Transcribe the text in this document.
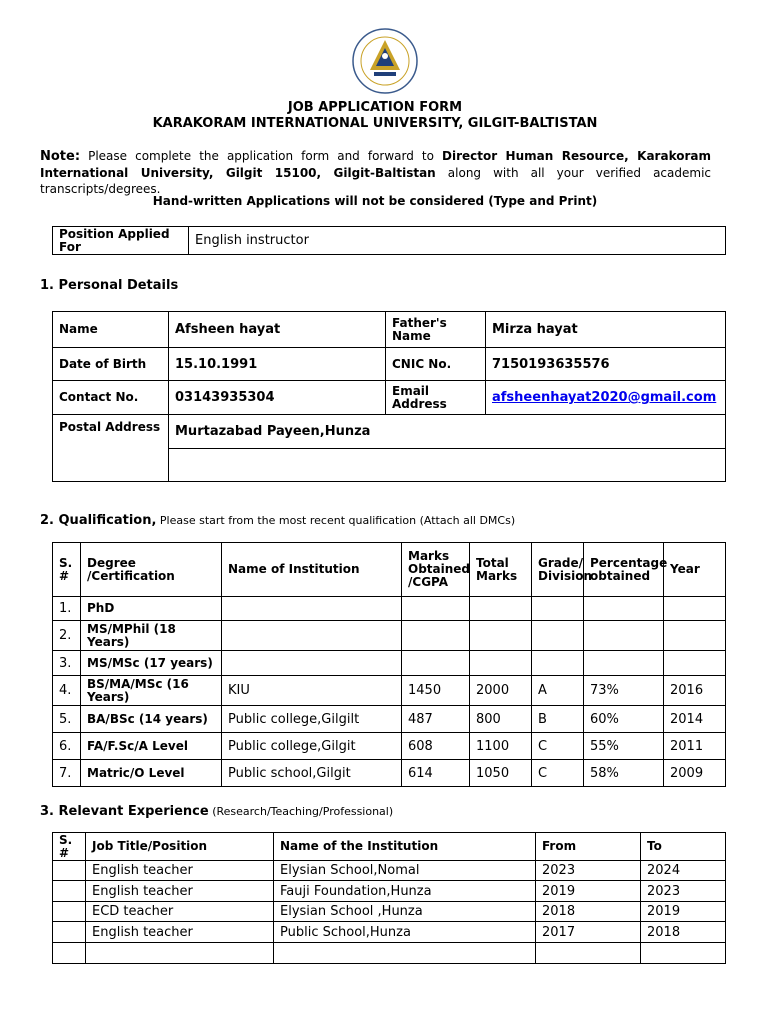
JOB APPLICATION FORM
KARAKORAM INTERNATIONAL UNIVERSITY, GILGIT-BALTISTAN
Note: Please complete the application form and forward to Director Human Resource, Karakoram International University, Gilgit 15100, Gilgit-Baltistan along with all your verified academic transcripts/degrees.
Hand-written Applications will not be considered (Type and Print)
Position Applied For	English instructor
1. Personal Details
Name	Afsheen hayat	Father's Name	Mirza hayat
Date of Birth	15.10.1991	CNIC No.	7150193635576
Contact No.	03143935304	Email Address	afsheenhayat2020@gmail.com
Postal Address	Murtazabad Payeen,Hunza		

2. Qualification, Please start from the most recent qualification (Attach all DMCs)
S. #	Degree /Certification	Name of Institution	Marks Obtained /CGPA	Total Marks	Grade/ Division	Percentage obtained	Year
1.	PhD						
2.	MS/MPhil (18 Years)						
3.	MS/MSc (17 years)						
4.	BS/MA/MSc (16 Years)	KIU	1450	2000	A	73%	2016
5.	BA/BSc (14 years)	Public college,Gilgilt	487	800	B	60%	2014
6.	FA/F.Sc/A Level	Public college,Gilgit	608	1100	C	55%	2011
7.	Matric/O Level	Public school,Gilgit	614	1050	C	58%	2009
3. Relevant Experience (Research/Teaching/Professional)
S. #	Job Title/Position	Name of the Institution	From	To
	English teacher	Elysian School,Nomal	2023	2024
	English teacher	Fauji Foundation,Hunza	2019	2023
	ECD teacher	Elysian School ,Hunza	2018	2019
	English teacher	Public School,Hunza	2017	2018
